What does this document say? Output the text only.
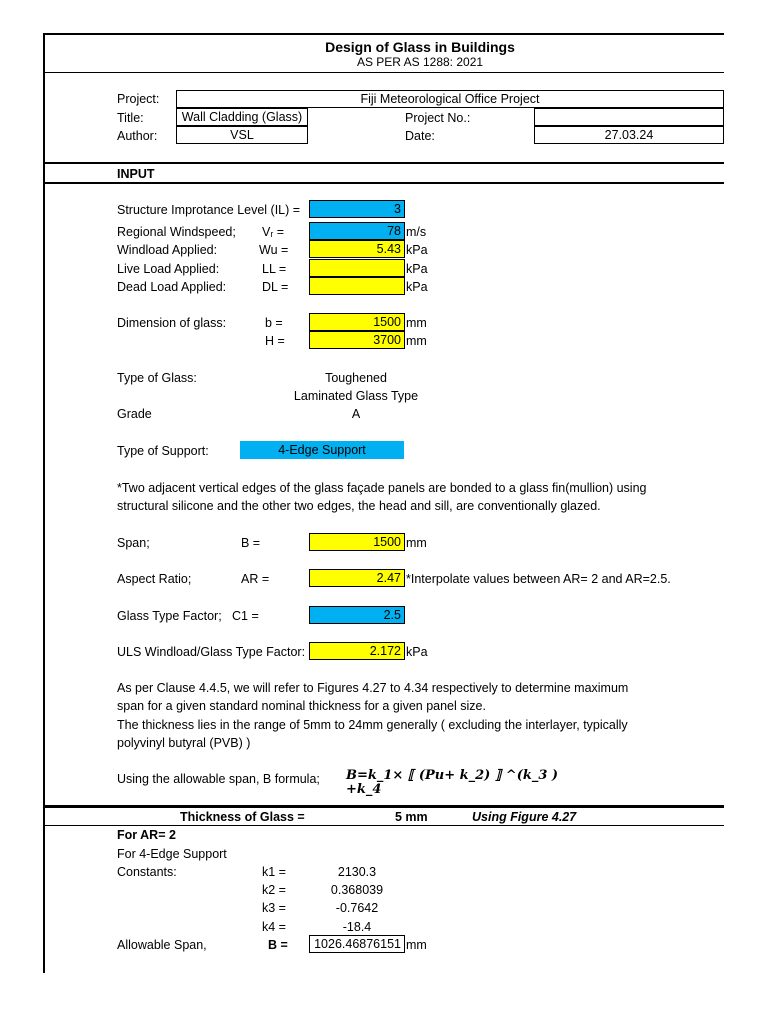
Design of Glass in Buildings
AS PER AS 1288: 2021
Project:	Fiji Meteorological Office Project
Title:	Wall Cladding (Glass)	Project No.:
Author:	VSL	Date:	27.03.24
INPUT
Structure Improtance Level (IL) =	3
Regional Windspeed; Vᵣ =	78 m/s
Windload Applied:	Wu =	5.43 kPa
Live Load Applied:	LL =	kPa
Dead Load Applied:	DL =	kPa
Dimension of glass:	b =	1500 mm
H =	3700 mm
Type of Glass:	Toughened
Laminated Glass Type
Grade	A
Type of Support:	4-Edge Support
*Two adjacent vertical edges of the glass façade panels are bonded to a glass fin(mullion) using
structural silicone and the other two edges, the head and sill, are conventionally glazed.
Span;	B =	1500 mm
Aspect Ratio;	AR =	2.47 *Interpolate values between AR= 2 and AR=2.5.
Glass Type Factor; C1 =	2.5
ULS Windload/Glass Type Factor:	2.172 kPa
As per Clause 4.4.5, we will refer to Figures 4.27 to 4.34 respectively to determine maximum
span for a given standard nominal thickness for a given panel size.
The thickness lies in the range of 5mm to 24mm generally ( excluding the interlayer, typically
polyvinyl butyral (PVB) )
Using the allowable span, B formula; B=k_1× ⟦ (Pu+ k_2) ⟧ ^(k_3 )
+k_4
Thickness of Glass =	5 mm	Using Figure 4.27
For AR= 2
For 4-Edge Support
Constants:	k1 =	2130.3
k2 =	0.368039
k3 =	-0.7642
k4 =	-18.4
Allowable Span,	B =	1026.46876151 mm
